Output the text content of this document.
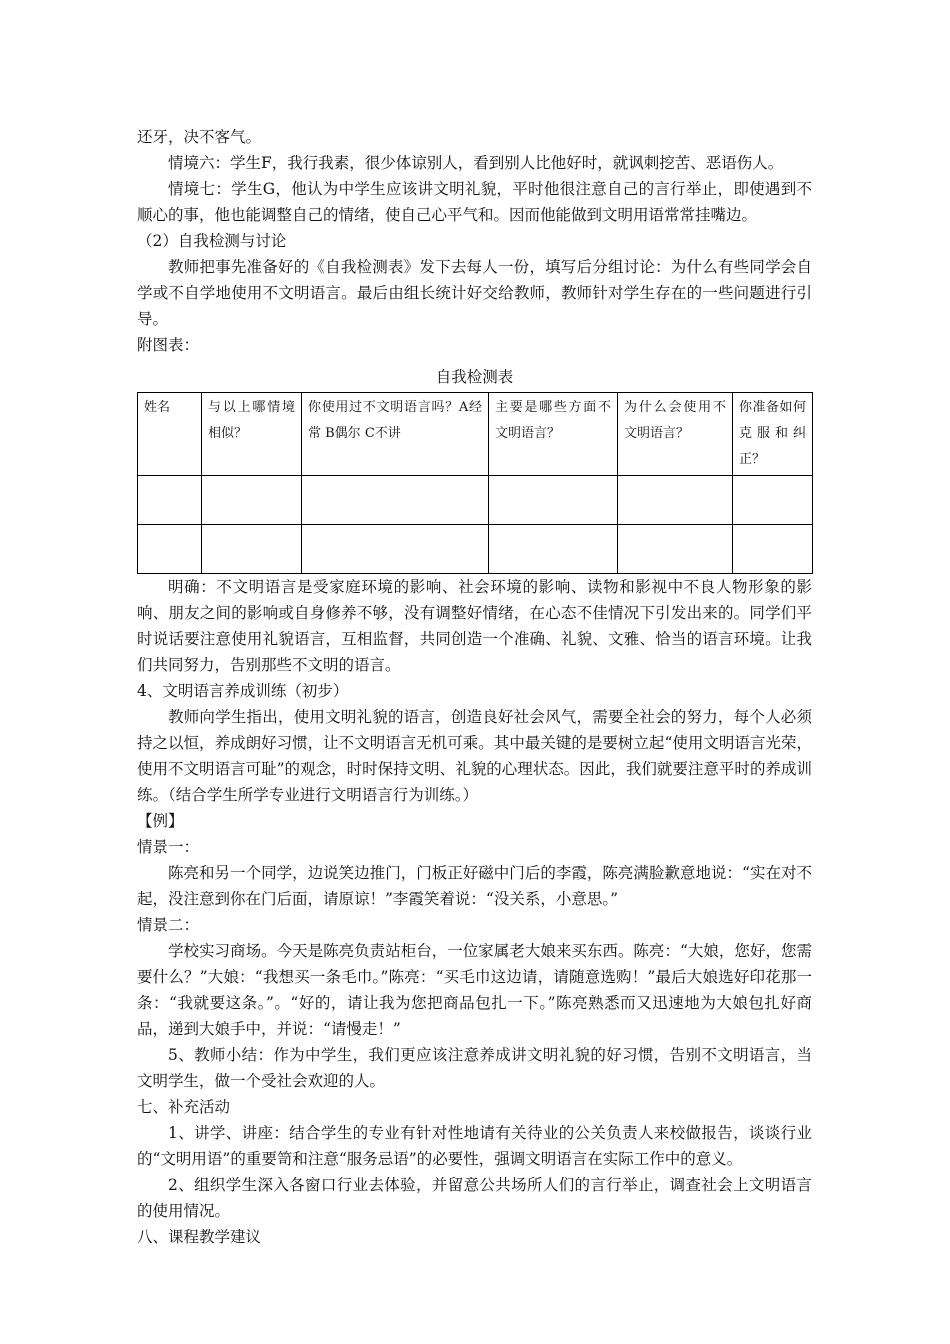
还牙，决不客气。

情境六：学生F，我行我素，很少体谅别人，看到别人比他好时，就讽刺挖苦、恶语伤人。

情境七：学生G，他认为中学生应该讲文明礼貌，平时他很注意自己的言行举止，即使遇到不顺心的事，他也能调整自己的情绪，使自己心平气和。因而他能做到文明用语常常挂嘴边。

（2）自我检测与讨论

教师把事先准备好的《自我检测表》发下去每人一份，填写后分组讨论：为什么有些同学会自学或不自学地使用不文明语言。最后由组长统计好交给教师，教师针对学生存在的一些问题进行引导。

附图表：

自我检测表
姓名	与以上哪情境相似？	你使用过不文明语言吗？A经常 B偶尔 C不讲	主要是哪些方面不文明语言？	为什么会使用不文明语言？	你准备如何克服和纠正？

明确：不文明语言是受家庭环境的影响、社会环境的影响、读物和影视中不良人物形象的影响、朋友之间的影响或自身修养不够，没有调整好情绪，在心态不佳情况下引发出来的。同学们平时说话要注意使用礼貌语言，互相监督，共同创造一个准确、礼貌、文雅、恰当的语言环境。让我们共同努力，告别那些不文明的语言。

4、文明语言养成训练（初步）

教师向学生指出，使用文明礼貌的语言，创造良好社会风气，需要全社会的努力，每个人必须持之以恒，养成朗好习惯，让不文明语言无机可乘。其中最关键的是要树立起“使用文明语言光荣，使用不文明语言可耻”的观念，时时保持文明、礼貌的心理状态。因此，我们就要注意平时的养成训练。（结合学生所学专业进行文明语言行为训练。）

【例】

情景一：

陈亮和另一个同学，边说笑边推门，门板正好磁中门后的李霞，陈亮满脸歉意地说：“实在对不起，没注意到你在门后面，请原谅！”李霞笑着说：“没关系，小意思。”

情景二：

学校实习商场。今天是陈亮负责站柜台，一位家属老大娘来买东西。陈亮：“大娘，您好，您需要什么？”大娘：“我想买一条毛巾。”陈亮：“买毛巾这边请，请随意选购！”最后大娘选好印花那一条：“我就要这条。”。“好的，请让我为您把商品包扎一下。”陈亮熟悉而又迅速地为大娘包扎好商品，递到大娘手中，并说：“请慢走！”

5、教师小结：作为中学生，我们更应该注意养成讲文明礼貌的好习惯，告别不文明语言，当文明学生，做一个受社会欢迎的人。

七、补充活动

1、讲学、讲座：结合学生的专业有针对性地请有关待业的公关负责人来校做报告，谈谈行业的“文明用语”的重要笥和注意“服务忌语”的必要性，强调文明语言在实际工作中的意义。

2、组织学生深入各窗口行业去体验，并留意公共场所人们的言行举止，调查社会上文明语言的使用情况。

八、课程教学建议
